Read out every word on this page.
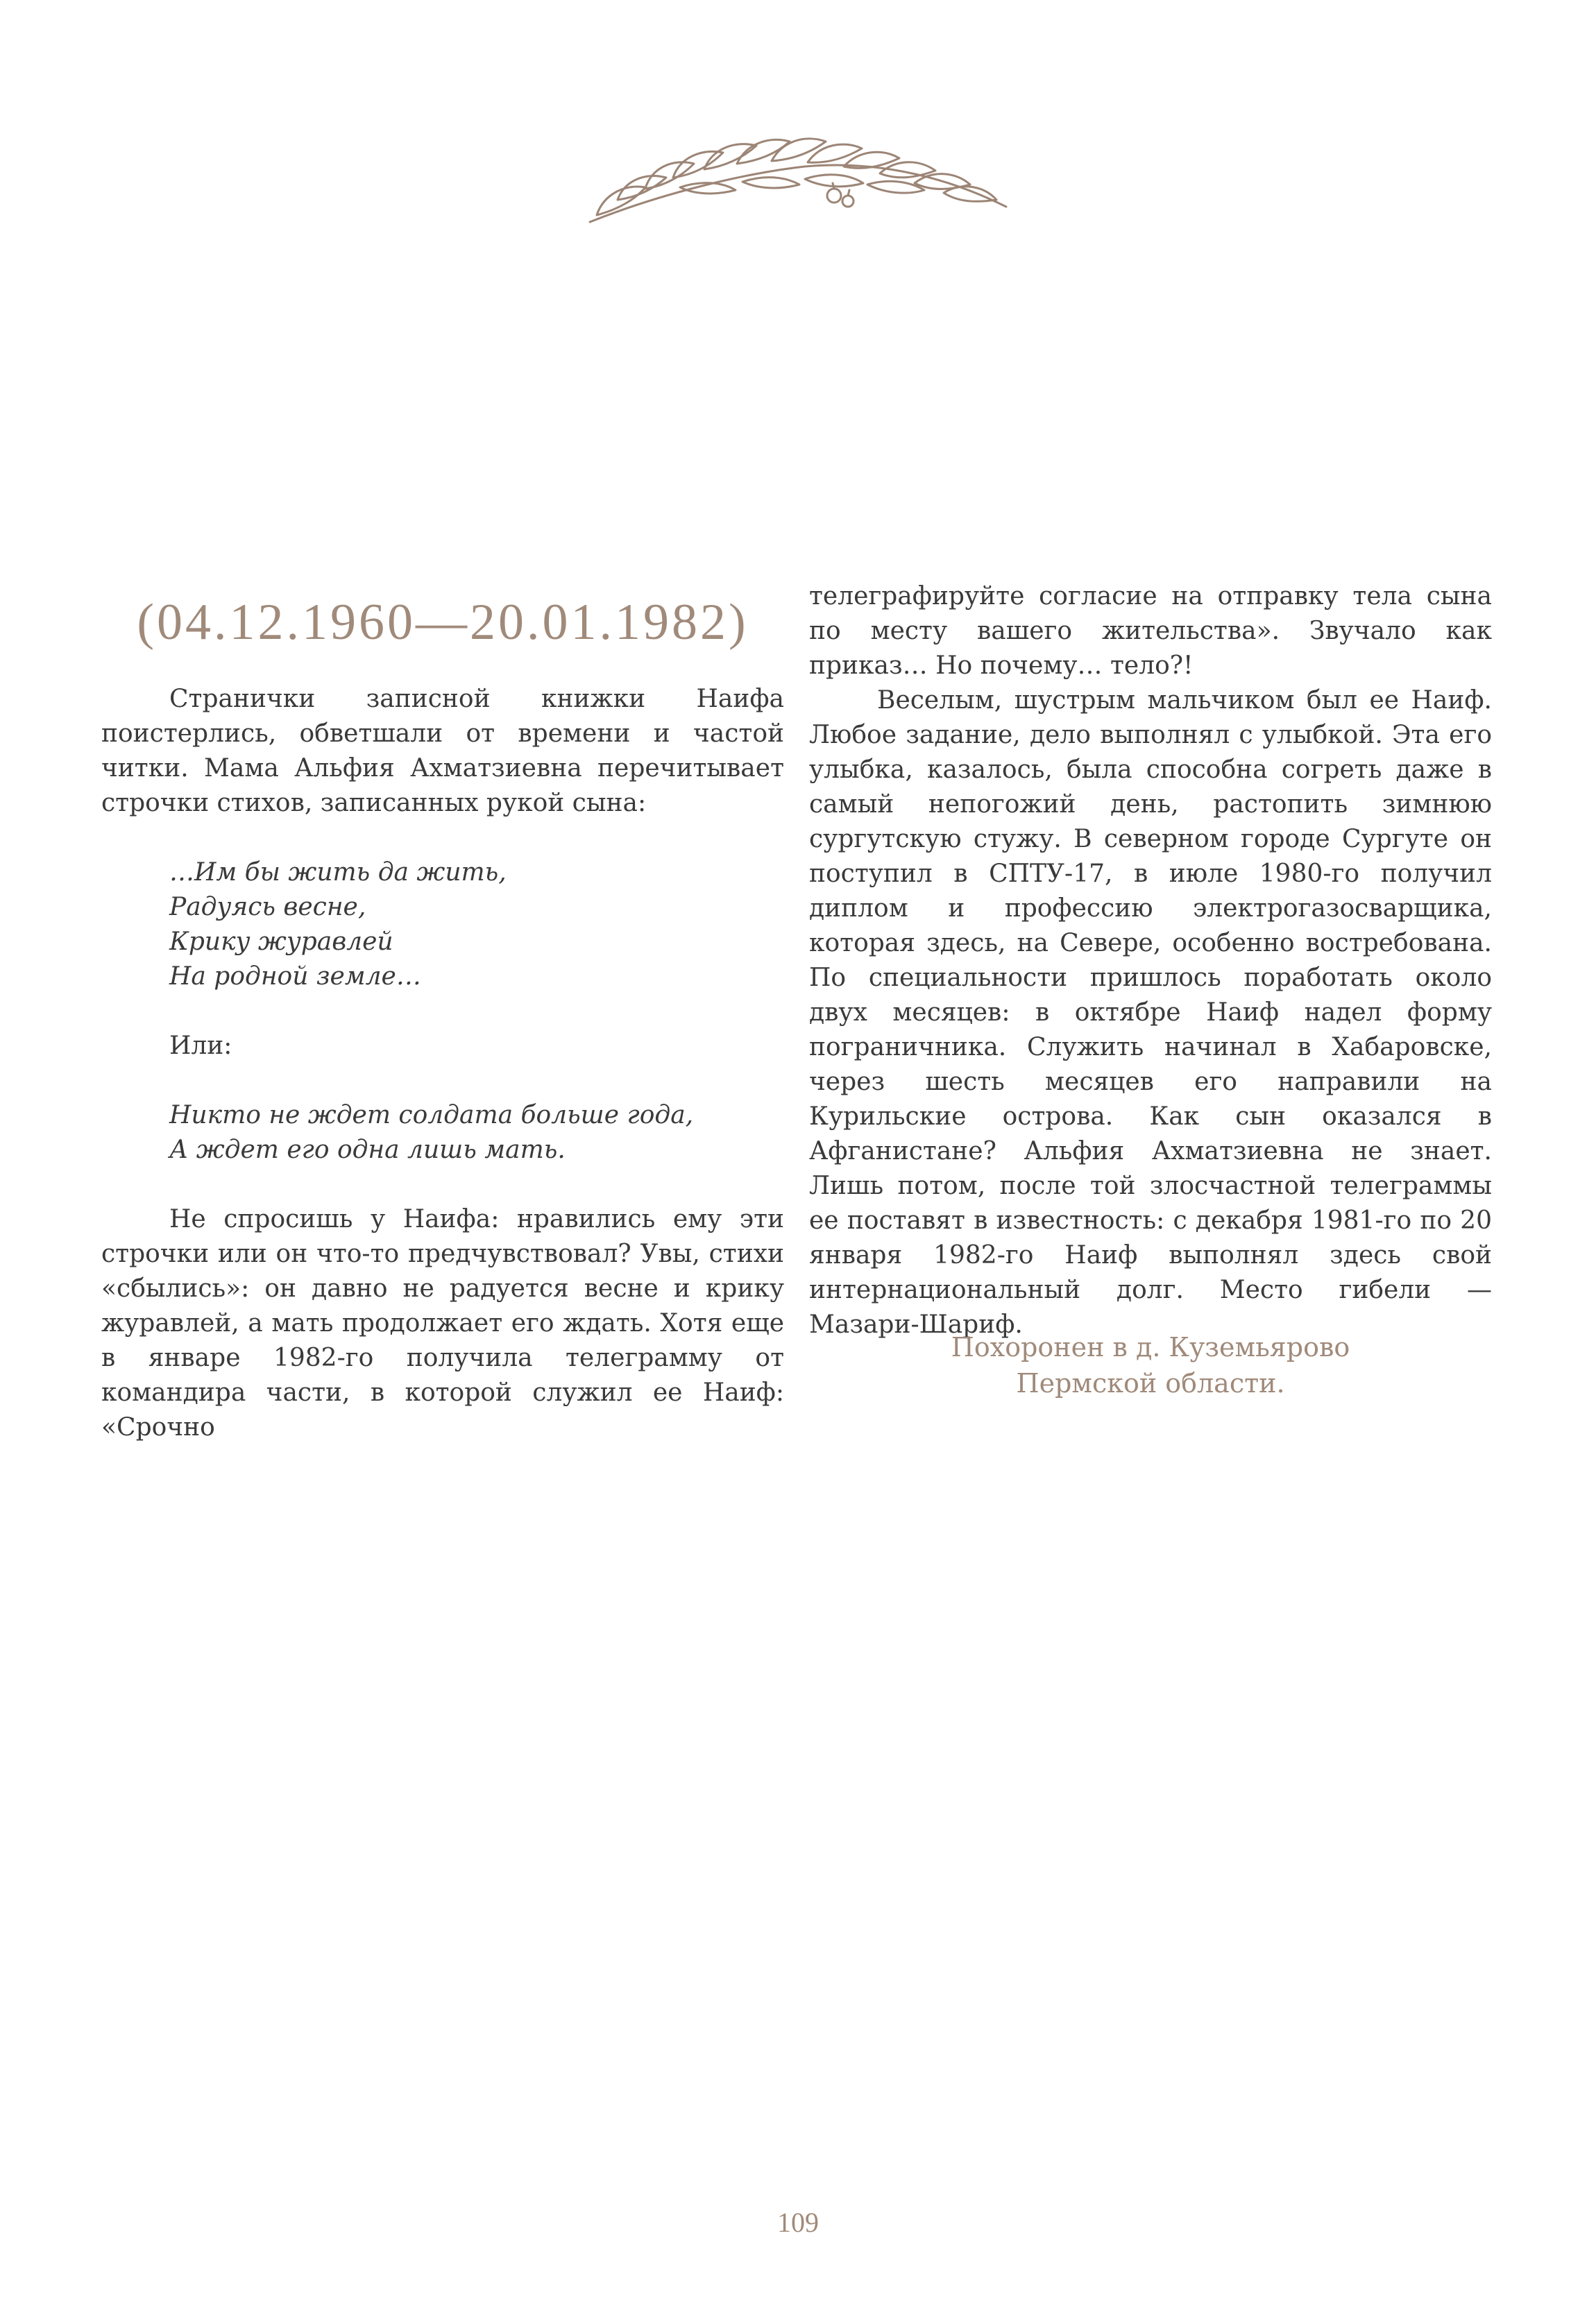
(04.12.1960—20.01.1982)

Странички записной книжки Наифа поистерлись, обветшали от времени и частой читки. Мама Альфия Ахматзиевна перечитывает строчки стихов, записанных рукой сына:

…Им бы жить да жить,
Радуясь весне,
Крику журавлей
На родной земле…
Или:
Никто не ждет солдата больше года,
А ждет его одна лишь мать.

Не спросишь у Наифа: нравились ему эти строчки или он что-то предчувствовал? Увы, стихи «сбылись»: он давно не радуется весне и крику журавлей, а мать продолжает его ждать. Хотя еще в январе 1982-го получила телеграмму от командира части, в которой служил ее Наиф: «Срочно

телеграфируйте согласие на отправку тела сына по месту вашего жительства». Звучало как приказ… Но почему… тело?!

Веселым, шустрым мальчиком был ее Наиф. Любое задание, дело выполнял с улыбкой. Эта его улыбка, казалось, была способна согреть даже в самый непогожий день, растопить зимнюю сургутскую стужу. В северном городе Сургуте он поступил в СПТУ-17, в июле 1980-го получил диплом и профессию электрогазосварщика, которая здесь, на Севере, особенно востребована. По специальности пришлось поработать около двух месяцев: в октябре Наиф надел форму пограничника. Служить начинал в Хабаровске, через шесть месяцев его направили на Курильские острова. Как сын оказался в Афганистане? Альфия Ахматзиевна не знает. Лишь потом, после той злосчастной телеграммы ее поставят в известность: с декабря 1981-го по 20 января 1982-го Наиф выполнял здесь свой интернациональный долг. Место гибели — Мазари-Шариф.

Похоронен в д. Куземьярово
Пермской области.
109
